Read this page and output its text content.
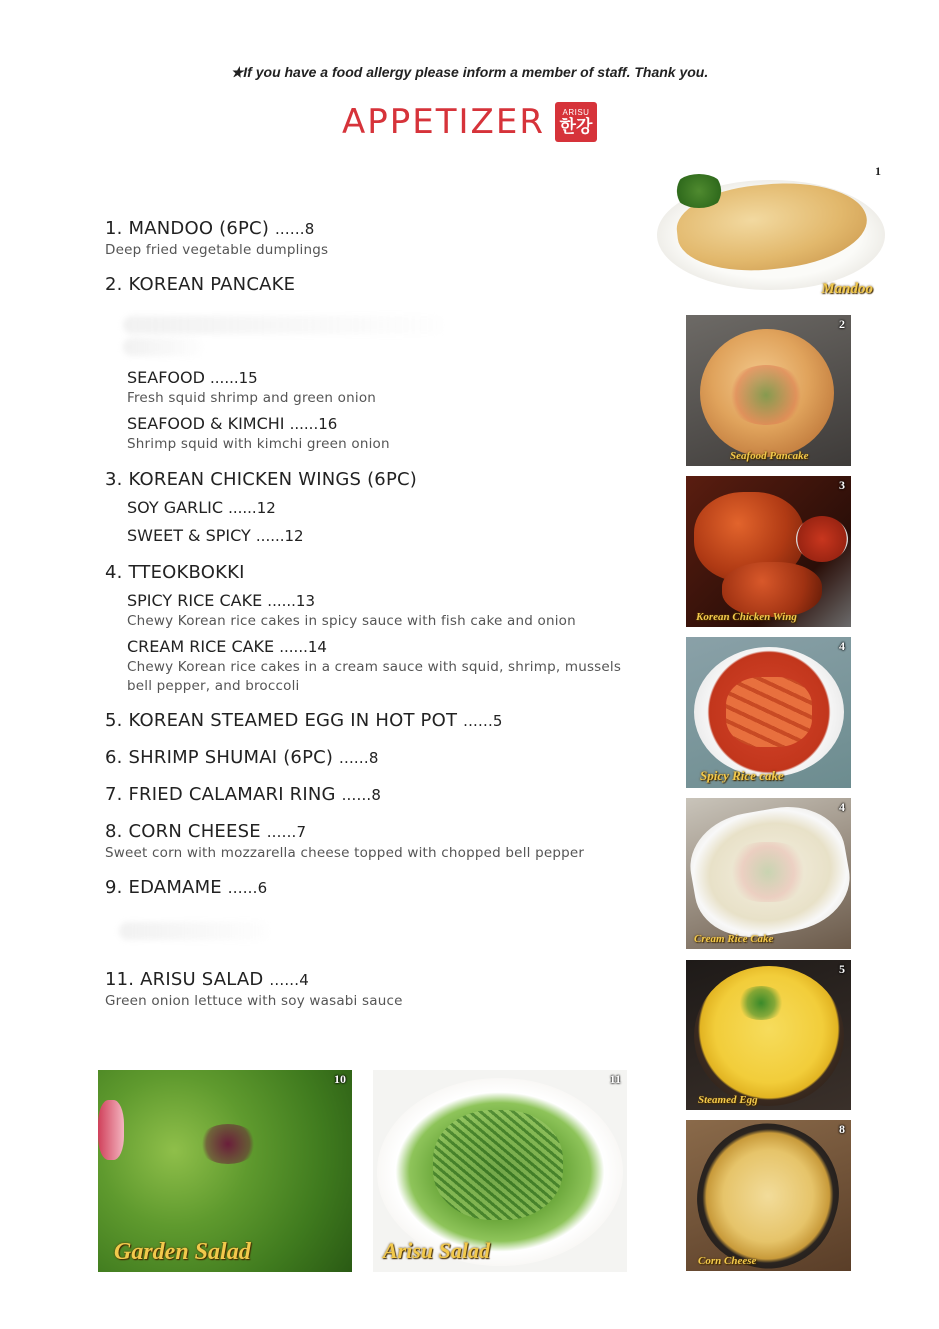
★If you have a food allergy please inform a member of staff. Thank you.
APPETIZER ARISU
한강
1. MANDOO (6PC) ......8
Deep fried vegetable dumplings
2. KOREAN PANCAKE
SEAFOOD ......15
Fresh squid shrimp and green onion
SEAFOOD & KIMCHI ......16
Shrimp squid with kimchi green onion
3. KOREAN CHICKEN WINGS (6PC)
SOY GARLIC ......12
SWEET & SPICY ......12
4. TTEOKBOKKI
SPICY RICE CAKE ......13
Chewy Korean rice cakes in spicy sauce with fish cake and onion
CREAM RICE CAKE ......14
Chewy Korean rice cakes in a cream sauce with squid, shrimp, mussels
bell pepper, and broccoli
5. KOREAN STEAMED EGG IN HOT POT ......5
6. SHRIMP SHUMAI (6PC) ......8
7. FRIED CALAMARI RING ......8
8. CORN CHEESE ......7
Sweet corn with mozzarella cheese topped with chopped bell pepper
9. EDAMAME ......6
11. ARISU SALAD ......4
Green onion lettuce with soy wasabi sauce
1
Mandoo
2
Seafood Pancake
3
Korean Chicken Wing
4
Spicy Rice cake
4
Cream Rice Cake
5
Steamed Egg
8
Corn Cheese
10
Garden Salad
11
Arisu Salad
